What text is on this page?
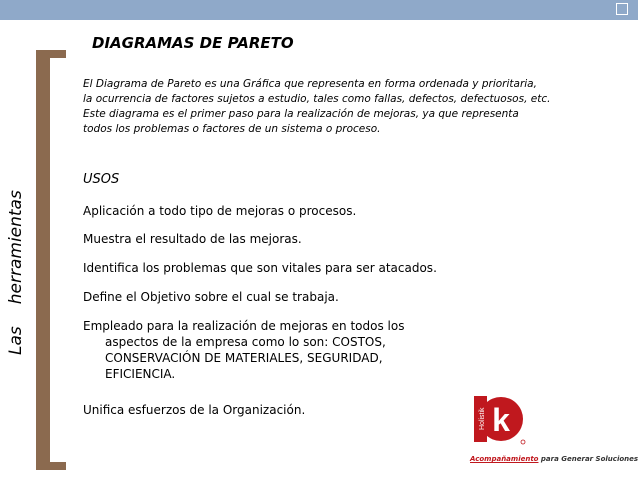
Lasherramientas
DIAGRAMAS DE PARETO

El Diagrama de Pareto es una Gráfica que representa en forma ordenada y prioritaria,

la ocurrencia de factores sujetos a estudio, tales como fallas, defectos, defectuosos, etc.

Este diagrama es el primer paso para la realización de mejoras, ya que representa

todos los problemas o factores de un sistema o proceso.

USOS
Aplicación a todo tipo de mejoras o procesos.
Muestra el resultado de las mejoras.
Identifica los problemas que son vitales para ser atacados.
Define el Objetivo sobre el cual se trabaja.
Empleado para la realización de mejoras en todos los
aspectos de la empresa como lo son: COSTOS,
CONSERVACIÓN DE MATERIALES, SEGURIDAD,
EFICIENCIA.
Unifica esfuerzos de la Organización.	k
Holistik
Acompañamiento para Generar Soluciones
